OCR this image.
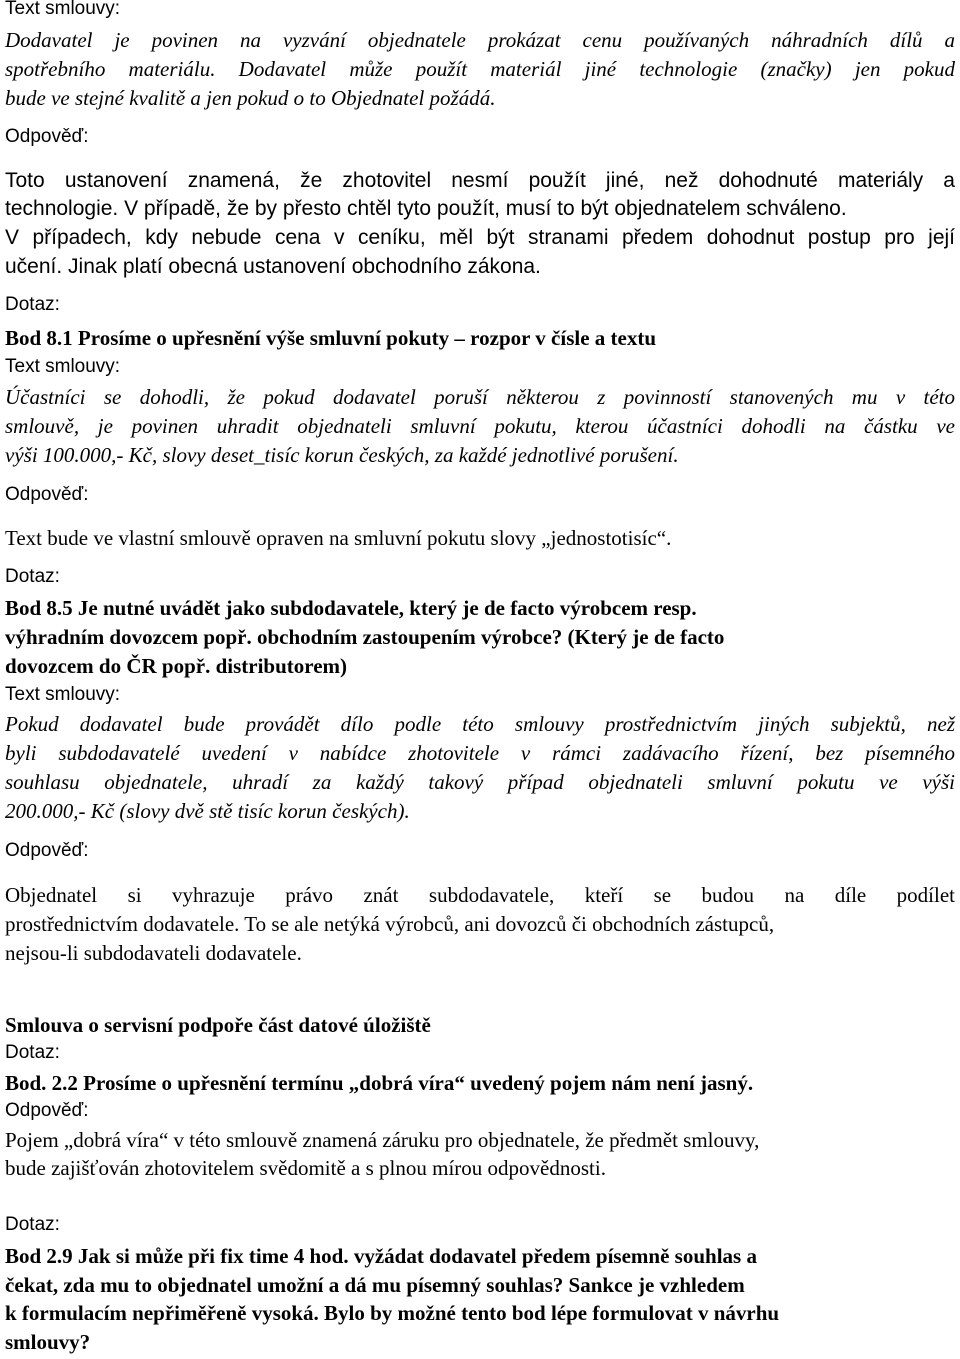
Text smlouvy:
Dodavatel je povinen na vyzvání objednatele prokázat cenu používaných náhradních dílů a
spotřebního materiálu. Dodavatel může použít materiál jiné technologie (značky) jen pokud
bude ve stejné kvalitě a jen pokud o to Objednatel požádá.
Odpověď:
Toto ustanovení znamená, že zhotovitel nesmí použít jiné, než dohodnuté materiály a
technologie. V případě, že by přesto chtěl tyto použít, musí to být objednatelem schváleno.
V případech, kdy nebude cena v ceníku, měl být stranami předem dohodnut postup pro její
učení. Jinak platí obecná ustanovení obchodního zákona.
Dotaz:
Bod 8.1 Prosíme o upřesnění výše smluvní pokuty – rozpor v čísle a textu
Text smlouvy:
Účastníci se dohodli, že pokud dodavatel poruší některou z povinností stanovených mu v této
smlouvě, je povinen uhradit objednateli smluvní pokutu, kterou účastníci dohodli na částku ve
výši 100.000,- Kč, slovy deset_tisíc korun českých, za každé jednotlivé porušení.
Odpověď:
Text bude ve vlastní smlouvě opraven na smluvní pokutu slovy „jednostotisíc“.
Dotaz:
Bod 8.5 Je nutné uvádět jako subdodavatele, který je de facto výrobcem resp.
výhradním dovozcem popř. obchodním zastoupením výrobce? (Který je de facto
dovozcem do ČR popř. distributorem)
Text smlouvy:
Pokud dodavatel bude provádět dílo podle této smlouvy prostřednictvím jiných subjektů, než
byli subdodavatelé uvedení v nabídce zhotovitele v rámci zadávacího řízení, bez písemného
souhlasu objednatele, uhradí za každý takový případ objednateli smluvní pokutu ve výši
200.000,- Kč (slovy dvě stě tisíc korun českých).
Odpověď:
Objednatel si vyhrazuje právo znát subdodavatele, kteří se budou na díle podílet
prostřednictvím dodavatele. To se ale netýká výrobců, ani dovozců či obchodních zástupců,
nejsou-li subdodavateli dodavatele.
Smlouva o servisní podpoře část datové úložiště
Dotaz:
Bod. 2.2 Prosíme o upřesnění termínu „dobrá víra“ uvedený pojem nám není jasný.
Odpověď:
Pojem „dobrá víra“ v této smlouvě znamená záruku pro objednatele, že předmět smlouvy,
bude zajišťován zhotovitelem svědomitě a s plnou mírou odpovědnosti.
Dotaz:
Bod 2.9 Jak si může při fix time 4 hod. vyžádat dodavatel předem písemně souhlas a
čekat, zda mu to objednatel umožní a dá mu písemný souhlas? Sankce je vzhledem
k formulacím nepřiměřeně vysoká. Bylo by možné tento bod lépe formulovat v návrhu
smlouvy?
